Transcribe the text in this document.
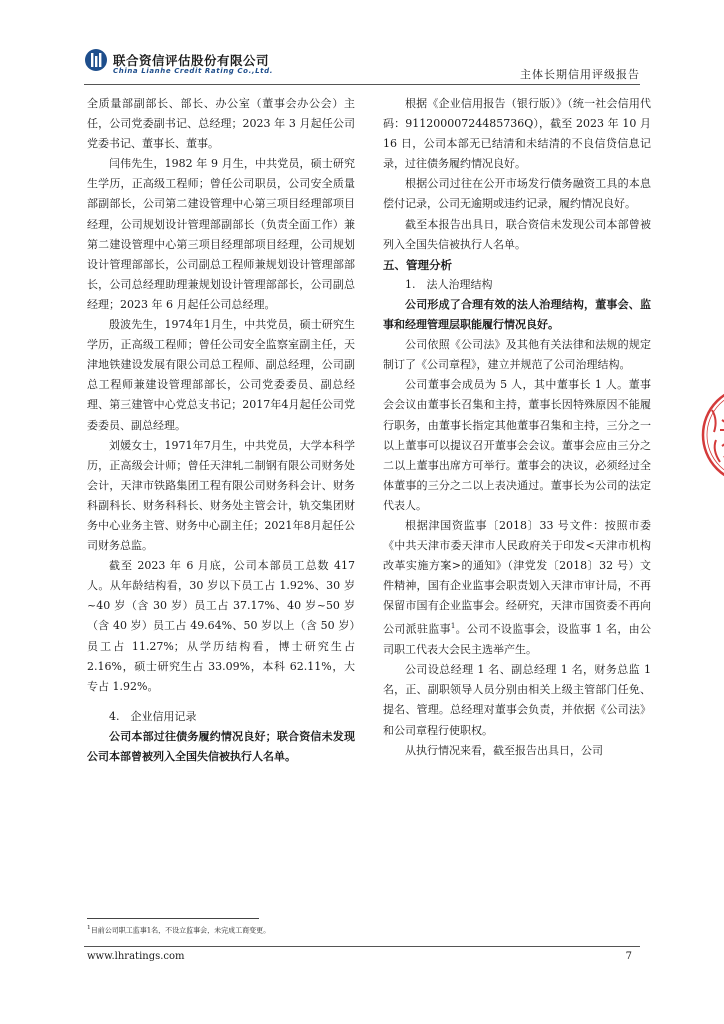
联合资信评估股份有限公司
China Lianhe Credit Rating Co.,Ltd.	主体长期信用评级报告

全质量部副部长、部长、办公室（董事会办公会）主任，公司党委副书记、总经理；2023 年 3 月起任公司党委书记、董事长、董事。

闫伟先生，1982 年 9 月生，中共党员，硕士研究生学历，正高级工程师；曾任公司职员，公司安全质量部副部长，公司第二建设管理中心第三项目经理部项目经理，公司规划设计管理部副部长（负责全面工作）兼第二建设管理中心第三项目经理部项目经理，公司规划设计管理部部长，公司副总工程师兼规划设计管理部部长，公司总经理助理兼规划设计管理部部长，公司副总经理；2023 年 6 月起任公司总经理。

殷波先生，1974年1月生，中共党员，硕士研究生学历，正高级工程师；曾任公司安全监察室副主任，天津地铁建设发展有限公司总工程师、副总经理，公司副总工程师兼建设管理部部长，公司党委委员、副总经理、第三建管中心党总支书记；2017年4月起任公司党委委员、副总经理。

刘媛女士，1971年7月生，中共党员，大学本科学历，正高级会计师；曾任天津轧二制钢有限公司财务处会计，天津市铁路集团工程有限公司财务科会计、财务科副科长、财务科科长、财务处主管会计，轨交集团财务中心业务主管、财务中心副主任；2021年8月起任公司财务总监。

截至 2023 年 6 月底，公司本部员工总数 417 人。从年龄结构看，30 岁以下员工占 1.92%、30 岁~40 岁（含 30 岁）员工占 37.17%、40 岁~50 岁（含 40 岁）员工占 49.64%、50 岁以上（含 50 岁）员工占 11.27%；从学历结构看，博士研究生占 2.16%，硕士研究生占 33.09%，本科 62.11%，大专占 1.92%。

4.　企业信用记录

公司本部过往债务履约情况良好；联合资信未发现公司本部曾被列入全国失信被执行人名单。

根据《企业信用报告（银行版）》（统一社会信用代码：91120000724485736Q），截至 2023 年 10 月 16 日，公司本部无已结清和未结清的不良信贷信息记录，过往债务履约情况良好。

根据公司过往在公开市场发行债务融资工具的本息偿付记录，公司无逾期或违约记录，履约情况良好。

截至本报告出具日，联合资信未发现公司本部曾被列入全国失信被执行人名单。

五、管理分析

1.　法人治理结构

公司形成了合理有效的法人治理结构，董事会、监事和经理管理层职能履行情况良好。

公司依照《公司法》及其他有关法律和法规的规定制订了《公司章程》，建立并规范了公司治理结构。

公司董事会成员为 5 人，其中董事长 1 人。董事会会议由董事长召集和主持，董事长因特殊原因不能履行职务，由董事长指定其他董事召集和主持，三分之一以上董事可以提议召开董事会会议。董事会应由三分之二以上董事出席方可举行。董事会的决议，必须经过全体董事的三分之二以上表决通过。董事长为公司的法定代表人。

根据津国资监事〔2018〕33 号文件：按照市委《中共天津市委天津市人民政府关于印发<天津市机构改革实施方案>的通知》（津党发〔2018〕32 号）文件精神，国有企业监事会职责划入天津市审计局，不再保留市国有企业监事会。经研究，天津市国资委不再向公司派驻监事$^1$。公司不设监事会，设监事 1 名，由公司职工代表大会民主选举产生。

公司设总经理 1 名、副总经理 1 名，财务总监 1 名，正、副职领导人员分别由相关上级主管部门任免、提名、管理。总经理对董事会负责，并依据《公司法》和公司章程行使职权。

从执行情况来看，截至报告出具日，公司

$^1$目前公司职工监事1名，不设立监事会，未完成工商变更。
www.lhratings.com	7
